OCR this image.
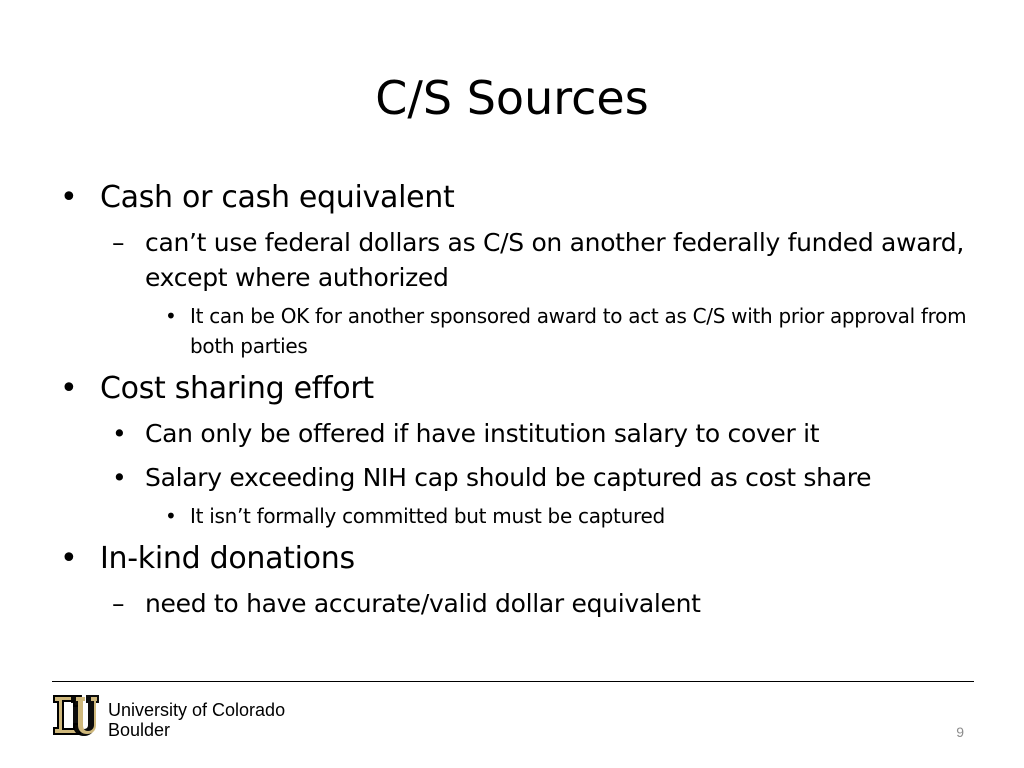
C/S Sources
• Cash or cash equivalent
– can’t use federal dollars as C/S on another federally funded award, except where authorized
• It can be OK for another sponsored award to act as C/S with prior approval from both parties
• Cost sharing effort
• Can only be offered if have institution salary to cover it
• Salary exceeding NIH cap should be captured as cost share
• It isn’t formally committed but must be captured
• In-kind donations
– need to have accurate/valid dollar equivalent
University of Colorado
Boulder	9
